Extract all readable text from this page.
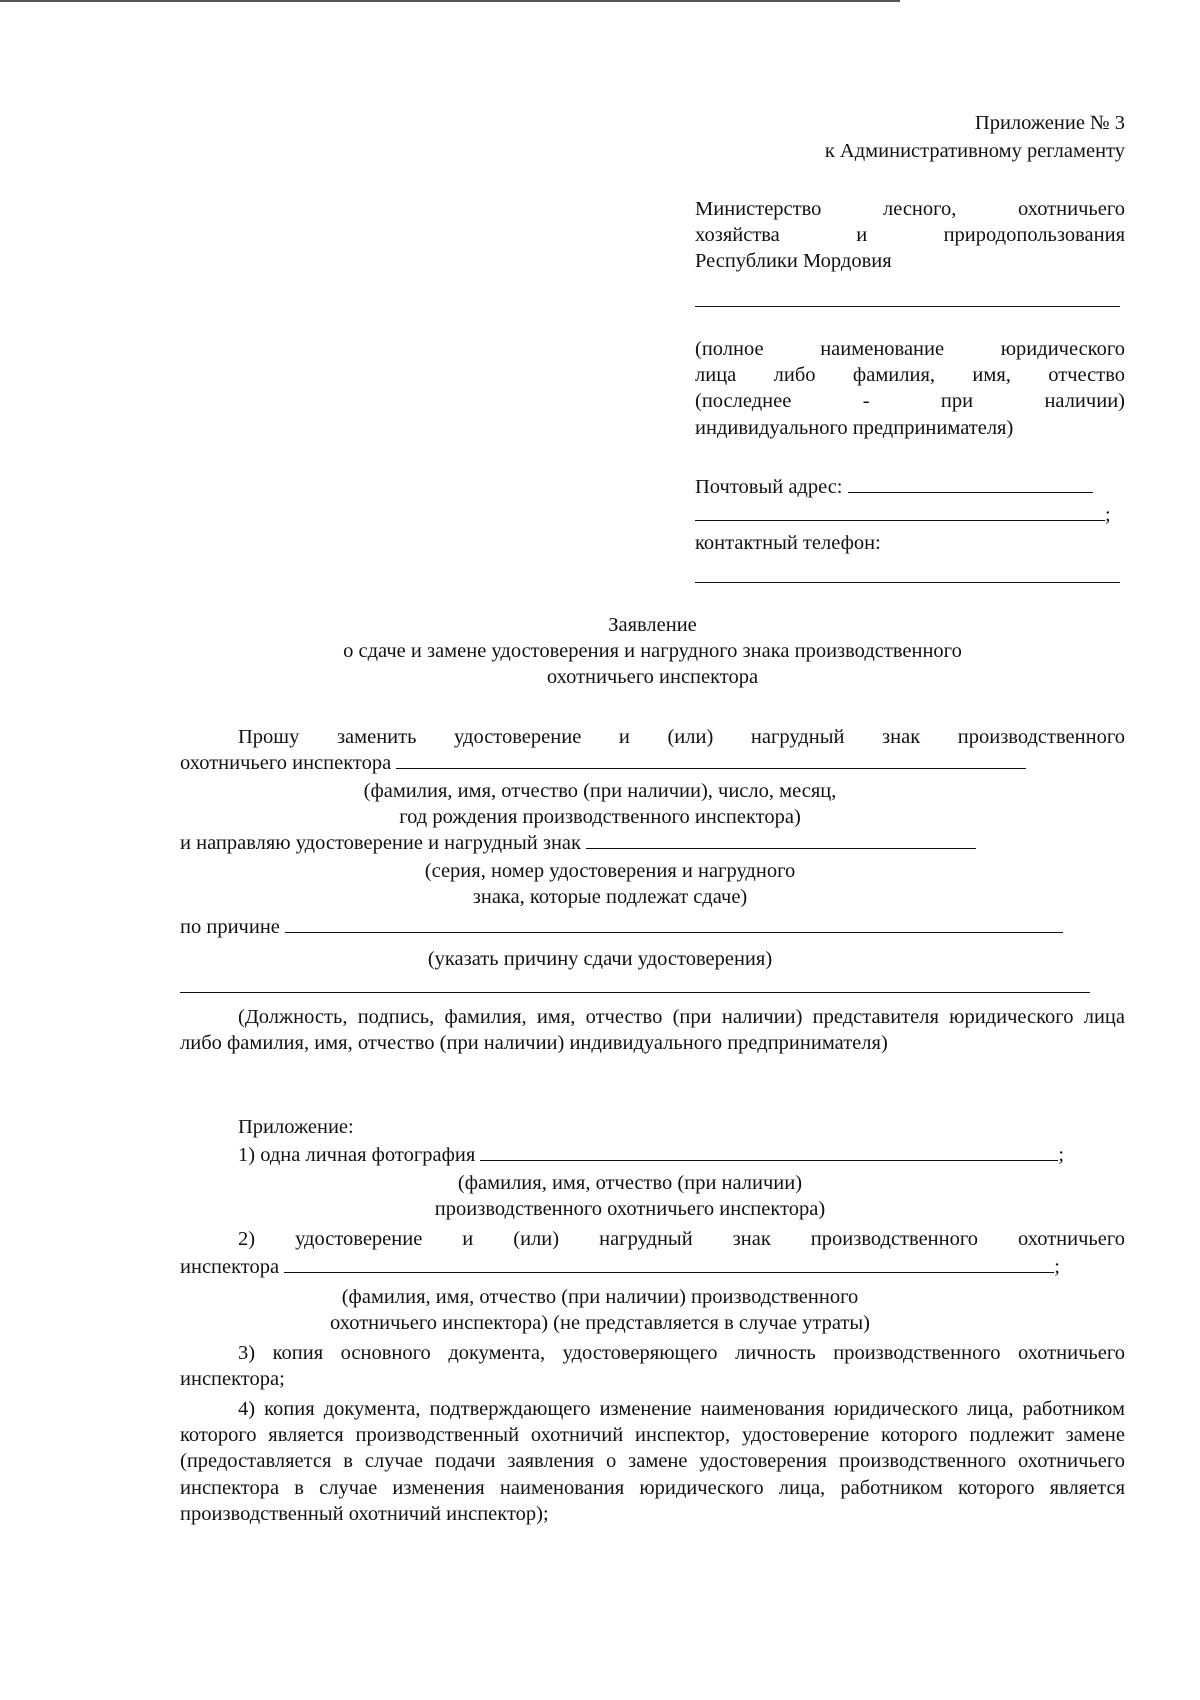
Приложение № 3
к Административному регламенту
Министерство лесного, охотничьего
хозяйства и природопользования
Республики Мордовия
(полное наименование юридического
лица либо фамилия, имя, отчество
(последнее - при наличии)
индивидуального предпринимателя)
Почтовый адрес:
;
контактный телефон:
Заявление
о сдаче и замене удостоверения и нагрудного знака производственного
охотничьего инспектора
Прошу заменить удостоверение и (или) нагрудный знак производственного
охотничьего инспектора
(фамилия, имя, отчество (при наличии), число, месяц,
год рождения производственного инспектора)
и направляю удостоверение и нагрудный знак
(серия, номер удостоверения и нагрудного
знака, которые подлежат сдаче)
по причине
(указать причину сдачи удостоверения)
(Должность, подпись, фамилия, имя, отчество (при наличии) представителя юридического лица либо фамилия, имя, отчество (при наличии) индивидуального предпринимателя)
Приложение:
1) одна личная фотография	;
(фамилия, имя, отчество (при наличии)
производственного охотничьего инспектора)
2) удостоверение и (или) нагрудный знак производственного охотничьего
инспектора	;
(фамилия, имя, отчество (при наличии) производственного
охотничьего инспектора) (не представляется в случае утраты)
3) копия основного документа, удостоверяющего личность производственного охотничьего инспектора;
4) копия документа, подтверждающего изменение наименования юридического лица, работником которого является производственный охотничий инспектор, удостоверение которого подлежит замене (предоставляется в случае подачи заявления о замене удостоверения производственного охотничьего инспектора в случае изменения наименования юридического лица, работником которого является производственный охотничий инспектор);
